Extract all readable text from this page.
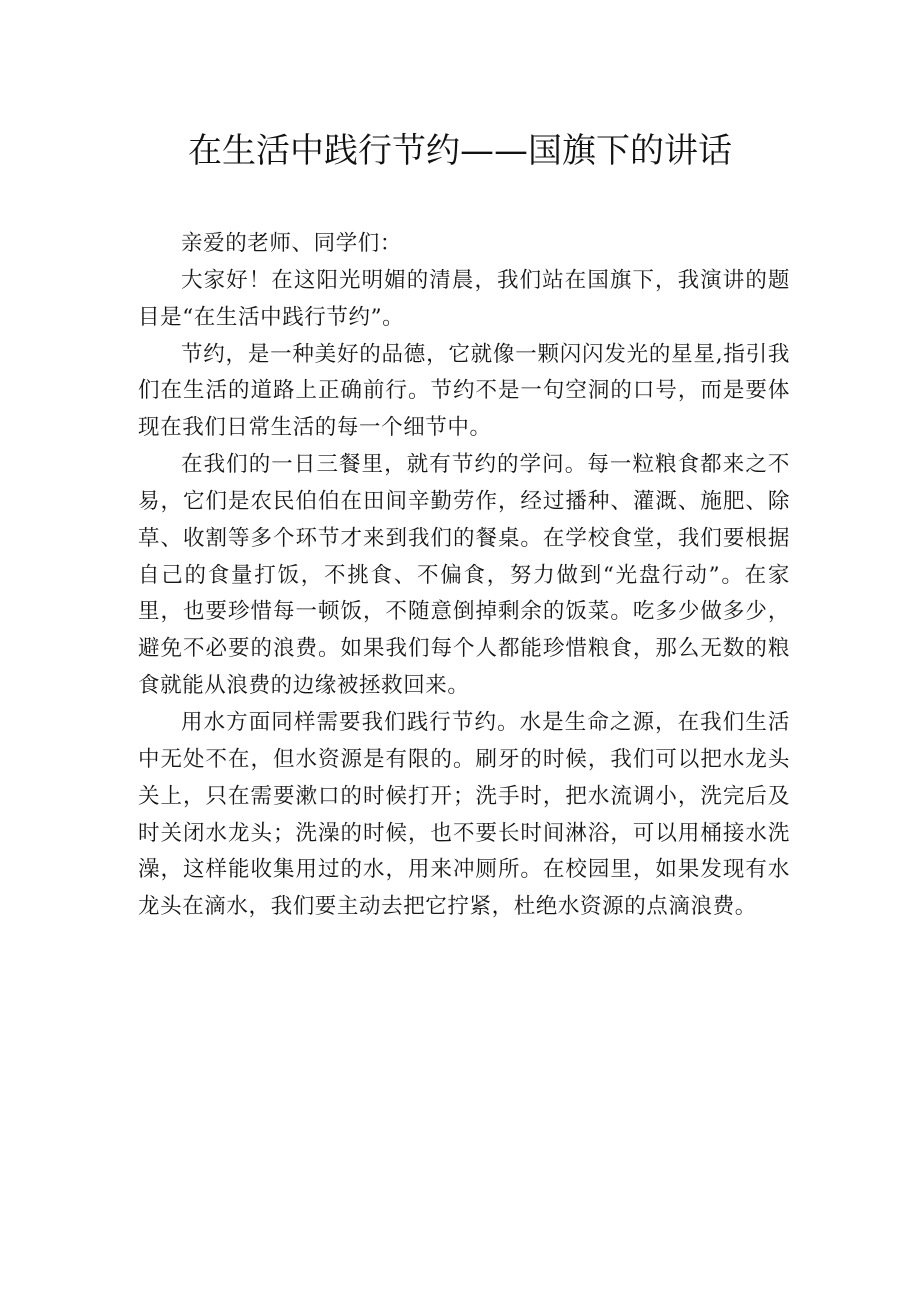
在生活中践行节约——国旗下的讲话

亲爱的老师、同学们：

大家好！在这阳光明媚的清晨，我们站在国旗下，我演讲的题目是“在生活中践行节约”。

节约，是一种美好的品德，它就像一颗闪闪发光的星星,指引我们在生活的道路上正确前行。节约不是一句空洞的口号，而是要体现在我们日常生活的每一个细节中。

在我们的一日三餐里，就有节约的学问。每一粒粮食都来之不易，它们是农民伯伯在田间辛勤劳作，经过播种、灌溉、施肥、除草、收割等多个环节才来到我们的餐桌。在学校食堂，我们要根据自己的食量打饭，不挑食、不偏食，努力做到“光盘行动”。在家里，也要珍惜每一顿饭，不随意倒掉剩余的饭菜。吃多少做多少，避免不必要的浪费。如果我们每个人都能珍惜粮食，那么无数的粮食就能从浪费的边缘被拯救回来。

用水方面同样需要我们践行节约。水是生命之源，在我们生活中无处不在，但水资源是有限的。刷牙的时候，我们可以把水龙头关上，只在需要漱口的时候打开；洗手时，把水流调小，洗完后及时关闭水龙头；洗澡的时候，也不要长时间淋浴，可以用桶接水洗澡，这样能收集用过的水，用来冲厕所。在校园里，如果发现有水龙头在滴水，我们要主动去把它拧紧，杜绝水资源的点滴浪费。
